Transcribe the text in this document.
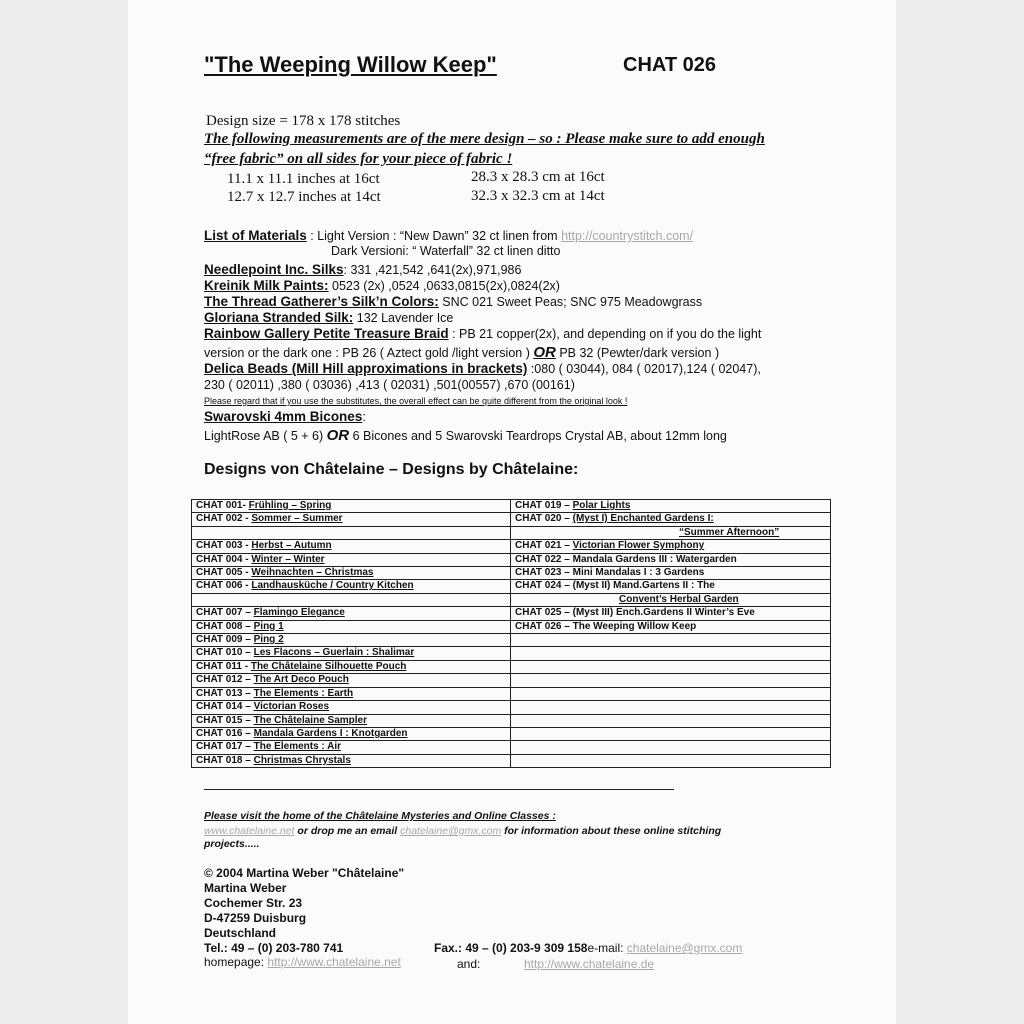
"The Weeping Willow Keep"	CHAT 026
Design size = 178 x 178 stitches
The following measurements are of the mere design – so : Please make sure to add enough
“free fabric” on all sides for your piece of fabric !
11.1 x 11.1 inches at 16ct	28.3 x 28.3 cm at 16ct
12.7 x 12.7 inches at 14ct	32.3 x 32.3 cm at 14ct
List of Materials : Light Version : “New Dawn” 32 ct linen from http://countrystitch.com/
Dark Versioni: “ Waterfall” 32 ct linen ditto
Needlepoint Inc. Silks: 331 ,421,542 ,641(2x),971,986
Kreinik Milk Paints: 0523 (2x) ,0524 ,0633,0815(2x),0824(2x)
The Thread Gatherer’s Silk’n Colors: SNC 021 Sweet Peas; SNC 975 Meadowgrass
Gloriana Stranded Silk: 132 Lavender Ice
Rainbow Gallery Petite Treasure Braid : PB 21 copper(2x), and depending on if you do the light
version or the dark one : PB 26 ( Aztect gold /light version ) OR PB 32 (Pewter/dark version )
Delica Beads (Mill Hill approximations in brackets) :080 ( 03044), 084 ( 02017),124 ( 02047),
230 ( 02011) ,380 ( 03036) ,413 ( 02031) ,501(00557) ,670 (00161)
Please regard that if you use the substitutes, the overall effect can be quite different from the original look !
Swarovski 4mm Bicones:
LightRose AB ( 5 + 6) OR 6 Bicones and 5 Swarovski Teardrops Crystal AB, about 12mm long
Designs von Châtelaine – Designs by Châtelaine:
CHAT 001- Frühling – Spring	CHAT 019 – Polar Lights
CHAT 002 - Sommer – Summer	CHAT 020 – (Myst I) Enchanted Gardens I:
	“Summer Afternoon”
CHAT 003 - Herbst – Autumn	CHAT 021 – Victorian Flower Symphony
CHAT 004 - Winter – Winter	CHAT 022 – Mandala Gardens III : Watergarden
CHAT 005 - Weihnachten – Christmas	CHAT 023 – Mini Mandalas I : 3 Gardens
CHAT 006 - Landhausküche / Country Kitchen	CHAT 024 – (Myst II) Mand.Gartens II : The
	Convent’s Herbal Garden
CHAT 007 – Flamingo Elegance	CHAT 025 – (Myst III) Ench.Gardens II Winter’s Eve
CHAT 008 – Ping 1	CHAT 026 – The Weeping Willow Keep
CHAT 009 – Ping 2	
CHAT 010 – Les Flacons – Guerlain : Shalimar	
CHAT 011 - The Châtelaine Silhouette Pouch	
CHAT 012 – The Art Deco Pouch	
CHAT 013 – The Elements : Earth	
CHAT 014 – Victorian Roses	
CHAT 015 – The Châtelaine Sampler	
CHAT 016 – Mandala Gardens I : Knotgarden	
CHAT 017 – The Elements : Air	
CHAT 018 – Christmas Chrystals	
Please visit the home of the Châtelaine Mysteries and Online Classes :
www.chatelaine.net or drop me an email chatelaine@gmx.com for information about these online stitching
projects.....
© 2004 Martina Weber "Châtelaine"
Martina Weber
Cochemer Str. 23
D-47259 Duisburg
Deutschland
Tel.: 49 – (0) 203-780 741	Fax.: 49 – (0) 203-9 309 158e-mail: chatelaine@gmx.com
homepage: http://www.chatelaine.net	and:	http://www.chatelaine.de
